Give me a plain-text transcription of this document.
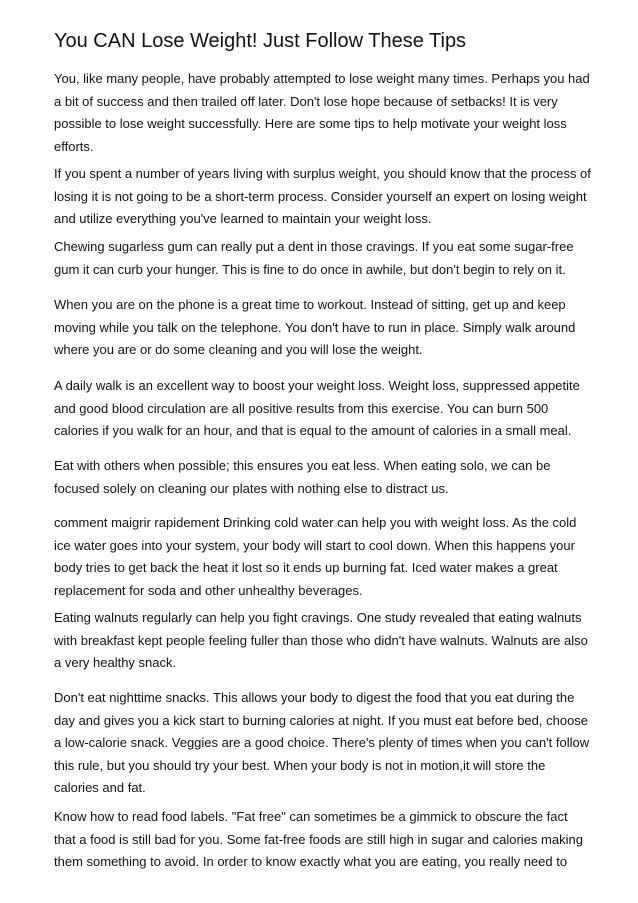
You CAN Lose Weight! Just Follow These Tips

You, like many people, have probably attempted to lose weight many times. Perhaps you had a bit of success and then trailed off later. Don't lose hope because of setbacks! It is very possible to lose weight successfully. Here are some tips to help motivate your weight loss efforts.

If you spent a number of years living with surplus weight, you should know that the process of losing it is not going to be a short-term process. Consider yourself an expert on losing weight and utilize everything you've learned to maintain your weight loss.

Chewing sugarless gum can really put a dent in those cravings. If you eat some sugar-free gum it can curb your hunger. This is fine to do once in awhile, but don't begin to rely on it.

When you are on the phone is a great time to workout. Instead of sitting, get up and keep moving while you talk on the telephone. You don't have to run in place. Simply walk around where you are or do some cleaning and you will lose the weight.

A daily walk is an excellent way to boost your weight loss. Weight loss, suppressed appetite and good blood circulation are all positive results from this exercise. You can burn 500 calories if you walk for an hour, and that is equal to the amount of calories in a small meal.

Eat with others when possible; this ensures you eat less. When eating solo, we can be focused solely on cleaning our plates with nothing else to distract us.

comment maigrir rapidement Drinking cold water can help you with weight loss. As the cold ice water goes into your system, your body will start to cool down. When this happens your body tries to get back the heat it lost so it ends up burning fat. Iced water makes a great replacement for soda and other unhealthy beverages.

Eating walnuts regularly can help you fight cravings. One study revealed that eating walnuts with breakfast kept people feeling fuller than those who didn't have walnuts. Walnuts are also a very healthy snack.

Don't eat nighttime snacks. This allows your body to digest the food that you eat during the day and gives you a kick start to burning calories at night. If you must eat before bed, choose a low-calorie snack. Veggies are a good choice. There's plenty of times when you can't follow this rule, but you should try your best. When your body is not in motion,it will store the calories and fat.

Know how to read food labels. "Fat free" can sometimes be a gimmick to obscure the fact that a food is still bad for you. Some fat-free foods are still high in sugar and calories making them something to avoid. In order to know exactly what you are eating, you really need to
